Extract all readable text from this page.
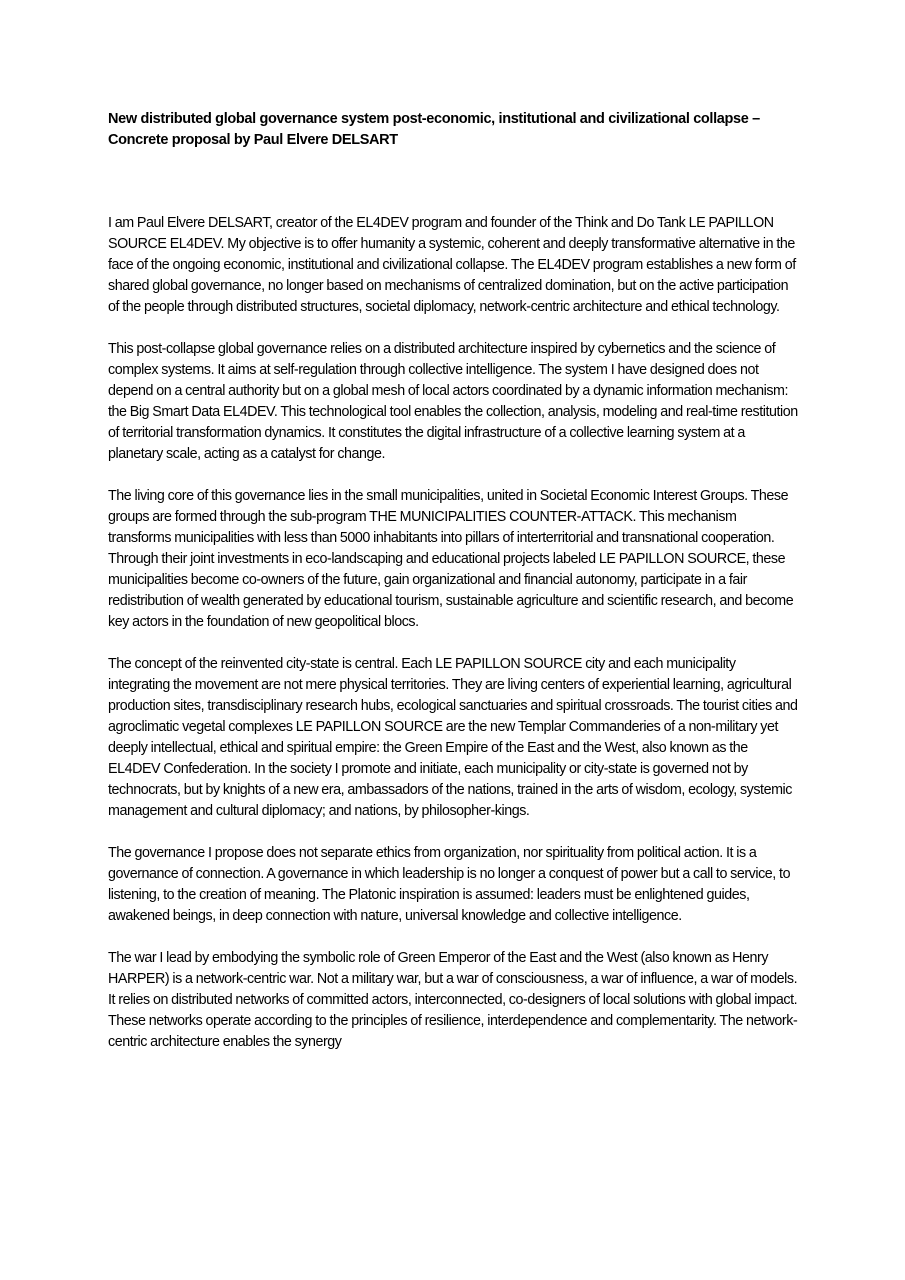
New distributed global governance system post-economic, institutional and civilizational collapse – Concrete proposal by Paul Elvere DELSART

I am Paul Elvere DELSART, creator of the EL4DEV program and founder of the Think and Do Tank LE PAPILLON SOURCE EL4DEV. My objective is to offer humanity a systemic, coherent and deeply transformative alternative in the face of the ongoing economic, institutional and civilizational collapse. The EL4DEV program establishes a new form of shared global governance, no longer based on mechanisms of centralized domination, but on the active participation of the people through distributed structures, societal diplomacy, network-centric architecture and ethical technology.

This post-collapse global governance relies on a distributed architecture inspired by cybernetics and the science of complex systems. It aims at self-regulation through collective intelligence. The system I have designed does not depend on a central authority but on a global mesh of local actors coordinated by a dynamic information mechanism: the Big Smart Data EL4DEV. This technological tool enables the collection, analysis, modeling and real-time restitution of territorial transformation dynamics. It constitutes the digital infrastructure of a collective learning system at a planetary scale, acting as a catalyst for change.

The living core of this governance lies in the small municipalities, united in Societal Economic Interest Groups. These groups are formed through the sub-program THE MUNICIPALITIES COUNTER-ATTACK. This mechanism transforms municipalities with less than 5000 inhabitants into pillars of interterritorial and transnational cooperation. Through their joint investments in eco-landscaping and educational projects labeled LE PAPILLON SOURCE, these municipalities become co-owners of the future, gain organizational and financial autonomy, participate in a fair redistribution of wealth generated by educational tourism, sustainable agriculture and scientific research, and become key actors in the foundation of new geopolitical blocs.

The concept of the reinvented city-state is central. Each LE PAPILLON SOURCE city and each municipality integrating the movement are not mere physical territories. They are living centers of experiential learning, agricultural production sites, transdisciplinary research hubs, ecological sanctuaries and spiritual crossroads. The tourist cities and agroclimatic vegetal complexes LE PAPILLON SOURCE are the new Templar Commanderies of a non-military yet deeply intellectual, ethical and spiritual empire: the Green Empire of the East and the West, also known as the EL4DEV Confederation. In the society I promote and initiate, each municipality or city-state is governed not by technocrats, but by knights of a new era, ambassadors of the nations, trained in the arts of wisdom, ecology, systemic management and cultural diplomacy; and nations, by philosopher-kings.

The governance I propose does not separate ethics from organization, nor spirituality from political action. It is a governance of connection. A governance in which leadership is no longer a conquest of power but a call to service, to listening, to the creation of meaning. The Platonic inspiration is assumed: leaders must be enlightened guides, awakened beings, in deep connection with nature, universal knowledge and collective intelligence.

The war I lead by embodying the symbolic role of Green Emperor of the East and the West (also known as Henry HARPER) is a network-centric war. Not a military war, but a war of consciousness, a war of influence, a war of models. It relies on distributed networks of committed actors, interconnected, co-designers of local solutions with global impact. These networks operate according to the principles of resilience, interdependence and complementarity. The network-centric architecture enables the synergy
